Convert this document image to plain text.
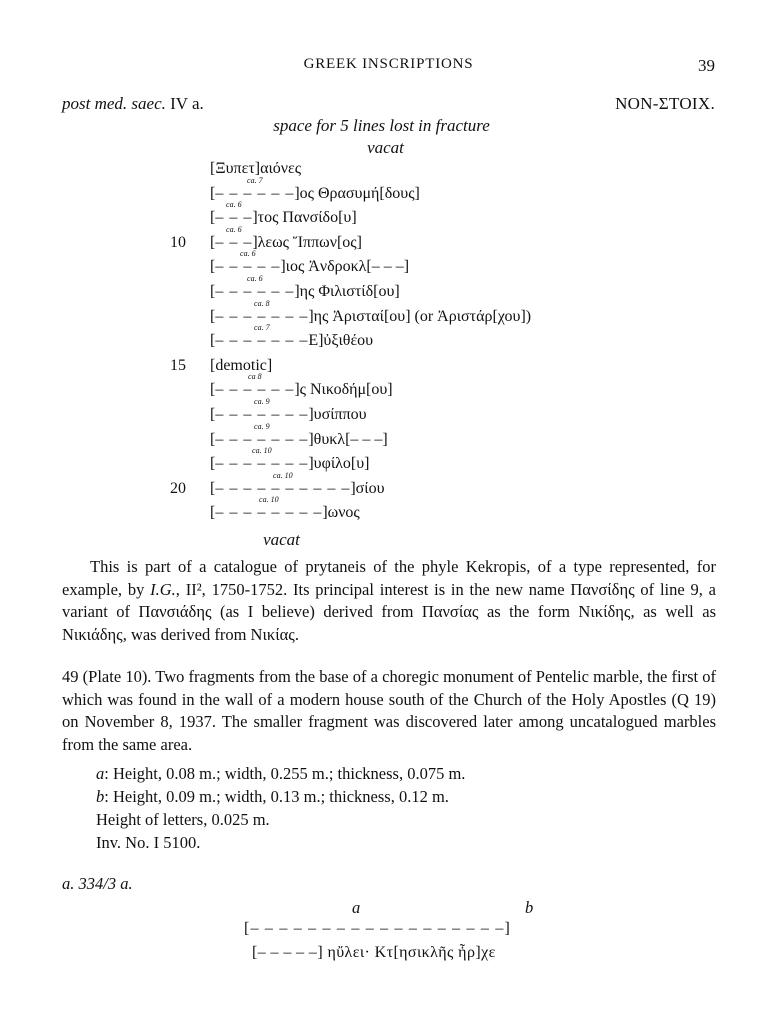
GREEK INSCRIPTIONS	39
post med. saec. IV a.	NON-ΣΤΟΙΧ.
space for 5 lines lost in fracture
vacat
[Ξυπετ]αιόνες
[
ca. 7
– – – – – –]ος Θρασυμή[δους]
[
ca. 6
– – –]τος Πανσίδο[υ]
10 [
ca. 6
– – –]λεως Ἵππων[ος]
[
ca. 6
– – – – –]ιος Ἀνδροκλ[– – –]
[
ca. 6
– – – – – –]ης Φιλιστίδ[ου]
[
ca. 8
– – – – – – –]ης Ἀρισταί[ου] (or Ἀριστάρ[χου])
[
ca. 7
– – – – – – –Ε]ὐξιθέου
15 [demotic]
[
ca 8
– – – – – –]ς Νικοδήμ[ου]
[
ca. 9
– – – – – – –]υσίππου
[
ca. 9
– – – – – – –]θυκλ[– – –]
[
ca. 10
– – – – – – –]υφίλο[υ]
20 [
ca. 10
– – – – – – – – – –]σίου
[
ca. 10
– – – – – – – –]ωνος
vacat
This is part of a catalogue of prytaneis of the phyle Kekropis, of a type represented, for example, by I.G., II², 1750-1752. Its principal interest is in the new name Πανσίδης of line 9, a variant of Πανσιάδης (as I believe) derived from Πανσίας as the form Νικίδης, as well as Νικιάδης, was derived from Νικίας.
49 (Plate 10). Two fragments from the base of a choregic monument of Pentelic marble, the first of which was found in the wall of a modern house south of the Church of the Holy Apostles (Q 19) on November 8, 1937. The smaller fragment was discovered later among uncatalogued marbles from the same area.
a: Height, 0.08 m.; width, 0.255 m.; thickness, 0.075 m.
b: Height, 0.09 m.; width, 0.13 m.; thickness, 0.12 m.
Height of letters, 0.025 m.
Inv. No. I 5100.
a. 334/3 a.
a	b
[– – – – – – – – – – – – – – – – – –]
[– – – – –] ηὔλει· Κτ[ησικλῆς ἦρ]χε
